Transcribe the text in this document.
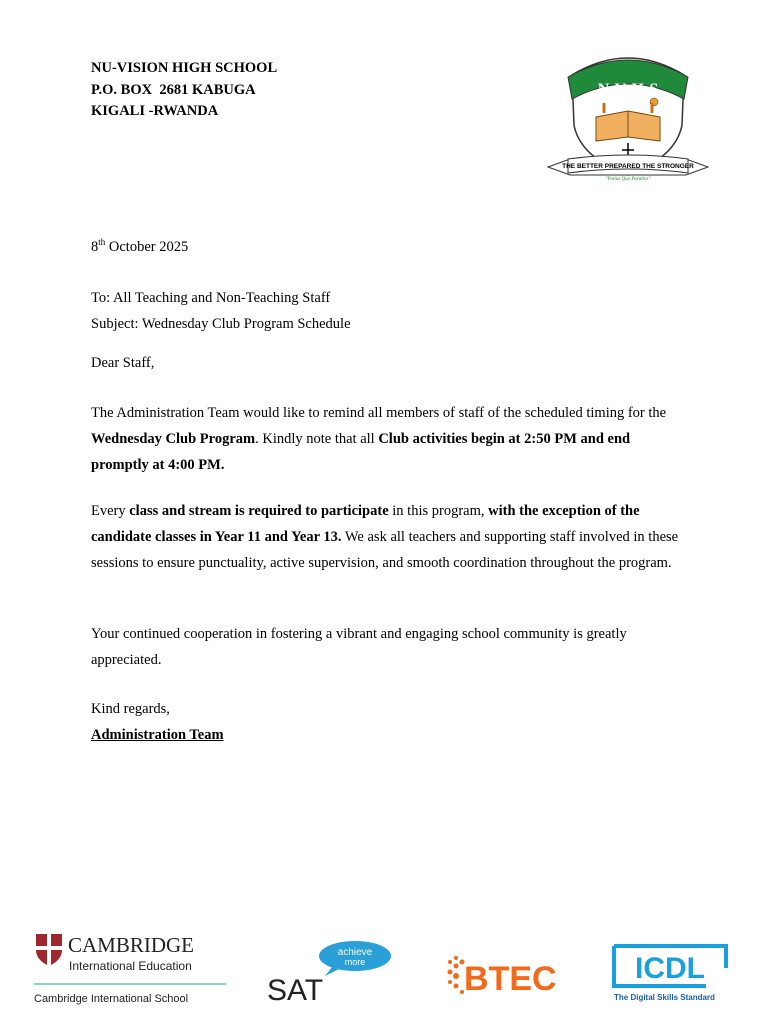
NU-VISION HIGH SCHOOL
P.O. BOX  2681 KABUGA
KIGALI -RWANDA
N·V·H·S
THE BETTER PREPARED THE STRONGER
"Potius Quo Paratior"
8th October 2025
To: All Teaching and Non-Teaching Staff
Subject: Wednesday Club Program Schedule
Dear Staff,
The Administration Team would like to remind all members of staff of the scheduled timing for the Wednesday Club Program. Kindly note that all Club activities begin at 2:50 PM and end promptly at 4:00 PM.
Every class and stream is required to participate in this program, with the exception of the candidate classes in Year 11 and Year 13. We ask all teachers and supporting staff involved in these sessions to ensure punctuality, active supervision, and smooth coordination throughout the program.
Your continued cooperation in fostering a vibrant and engaging school community is greatly appreciated.
Kind regards,
Administration Team
CAMBRIDGE
International Education
Cambridge International School
achieve
more
SAT	BTEC	ICDL
The Digital Skills Standard
